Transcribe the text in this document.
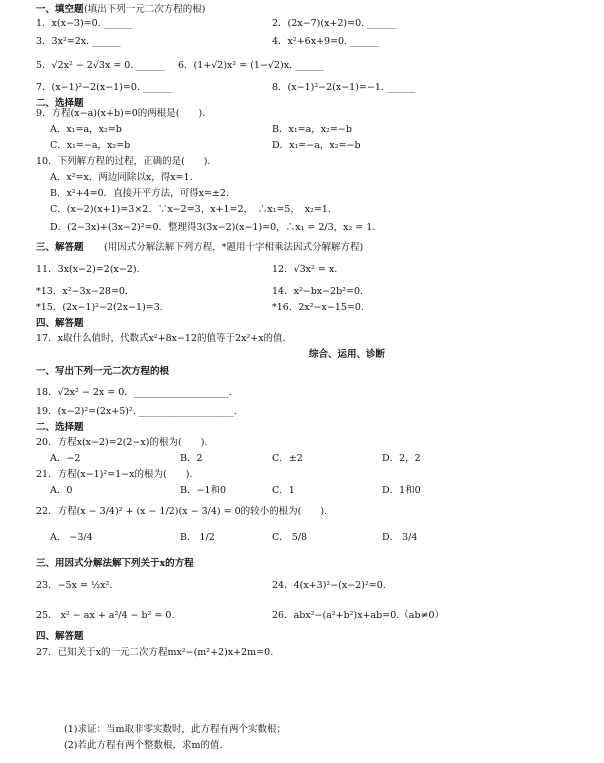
一、填空题 (填出下列一元二次方程的根)
1．x(x−3)=0. ______	2．(2x−7)(x+2)=0. ______
3．3x²=2x. ______	4．x²+6x+9=0. ______
5．√2x² − 2√3x = 0. ______ 6．(1+√2)x² = (1−√2)x. ______
7．(x−1)²−2(x−1)=0. ______	8．(x−1)²−2(x−1)=−1. ______
二、选择题
9．方程(x−a)(x+b)=0的两根是(　　).
A．x₁=a，x₂=b	B．x₁=a，x₂=−b
C．x₁=−a，x₂=b	D．x₁=−a，x₂=−b
10．下列解方程的过程，正确的是(　　).
A．x²=x．两边同除以x，得x=1.
B．x²+4=0．直接开平方法，可得x=±2.
C．(x−2)(x+1)=3×2．∵x−2=3，x+1=2，　∴x₁=5，　x₂=1.
D．(2−3x)+(3x−2)²=0．整理得3(3x−2)(x−1)=0，∴x₁ = 2/3，x₂ = 1.
三、解答题 (用因式分解法解下列方程，*题用十字相乘法因式分解解方程)
11．3x(x−2)=2(x−2).	12．√3x² = x.
*13．x²−3x−28=0.	14．x²−bx−2b²=0.
*15．(2x−1)²−2(2x−1)=3.	*16．2x²−x−15=0.
四、解答题
17．x取什么值时，代数式x²+8x−12的值等于2x²+x的值.
综合、运用、诊断
一、写出下列一元二次方程的根
18．√2x² − 2x = 0．____________________.
19．(x−2)²=(2x+5)². ____________________.
二、选择题
20．方程x(x−2)=2(2−x)的根为(　　).
A．−2	B．2	C．±2	D．2，2
21．方程(x−1)²=1−x的根为(　　).
A．0	B．−1和0	C．1	D．1和0
22．方程(x − 3/4)² + (x − 1/2)(x − 3/4) = 0的较小的根为(　　).
A． −3/4	B． 1/2	C． 5/8	D． 3/4
三、用因式分解法解下列关于x的方程
23．−5x = ½x².	24．4(x+3)²−(x−2)²=0.
25． x² − ax + a²/4 − b² = 0.	26．abx²−(a²+b²)x+ab=0.（ab≠0）
四、解答题
27．已知关于x的一元二次方程mx²−(m²+2)x+2m=0.
(1)求证：当m取非零实数时，此方程有两个实数根；
(2)若此方程有两个整数根，求m的值.
